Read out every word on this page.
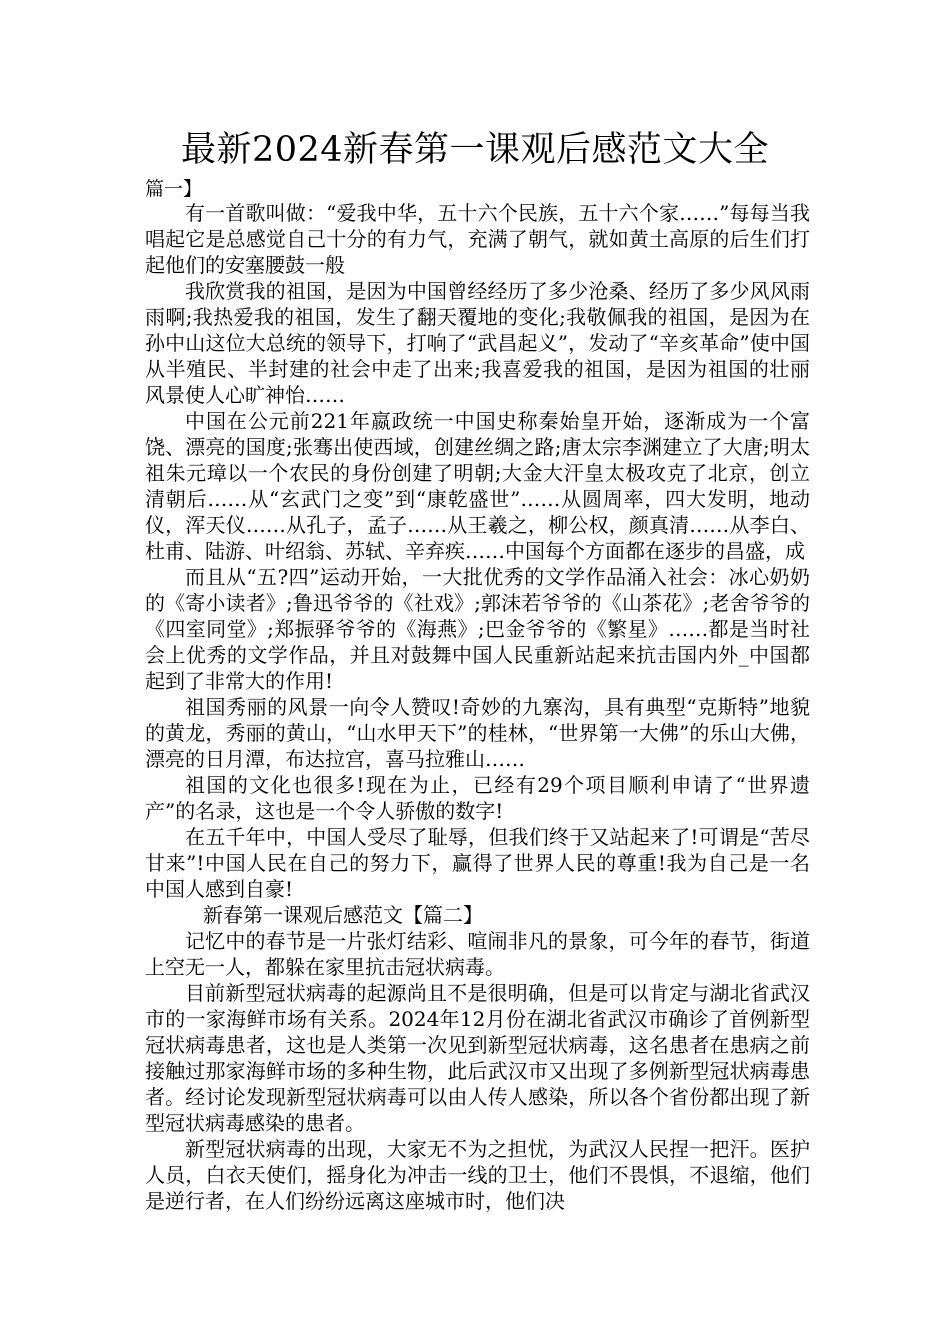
最新2024新春第一课观后感范文大全
篇一】

有一首歌叫做：“爱我中华，五十六个民族，五十六个家……”每每当我唱起它是总感觉自己十分的有力气，充满了朝气，就如黄土高原的后生们打起他们的安塞腰鼓一般

我欣赏我的祖国，是因为中国曾经经历了多少沧桑、经历了多少风风雨雨啊;我热爱我的祖国，发生了翻天覆地的变化;我敬佩我的祖国，是因为在孙中山这位大总统的领导下，打响了“武昌起义”，发动了“辛亥革命”使中国从半殖民、半封建的社会中走了出来;我喜爱我的祖国，是因为祖国的壮丽风景使人心旷神怡……

中国在公元前221年嬴政统一中国史称秦始皇开始，逐渐成为一个富饶、漂亮的国度;张骞出使西域，创建丝绸之路;唐太宗李渊建立了大唐;明太祖朱元璋以一个农民的身份创建了明朝;大金大汗皇太极攻克了北京，创立清朝后……从“玄武门之变”到“康乾盛世”……从圆周率，四大发明，地动仪，浑天仪……从孔子，孟子……从王羲之，柳公权，颜真清……从李白、杜甫、陆游、叶绍翁、苏轼、辛弃疾……中国每个方面都在逐步的昌盛，成

而且从“五?四”运动开始，一大批优秀的文学作品涌入社会：冰心奶奶的《寄小读者》;鲁迅爷爷的《社戏》;郭沫若爷爷的《山茶花》;老舍爷爷的《四室同堂》;郑振驿爷爷的《海燕》;巴金爷爷的《繁星》……都是当时社会上优秀的文学作品，并且对鼓舞中国人民重新站起来抗击国内外_中国都起到了非常大的作用!

祖国秀丽的风景一向令人赞叹!奇妙的九寨沟，具有典型“克斯特”地貌的黄龙，秀丽的黄山，“山水甲天下”的桂林，“世界第一大佛”的乐山大佛，漂亮的日月潭，布达拉宫，喜马拉雅山……

祖国的文化也很多!现在为止，已经有29个项目顺利申请了“世界遗产”的名录，这也是一个令人骄傲的数字!

在五千年中，中国人受尽了耻辱，但我们终于又站起来了!可谓是“苦尽甘来”!中国人民在自己的努力下，赢得了世界人民的尊重!我为自己是一名中国人感到自豪!

新春第一课观后感范文【篇二】

记忆中的春节是一片张灯结彩、喧闹非凡的景象，可今年的春节，街道上空无一人，都躲在家里抗击冠状病毒。

目前新型冠状病毒的起源尚且不是很明确，但是可以肯定与湖北省武汉市的一家海鲜市场有关系。2024年12月份在湖北省武汉市确诊了首例新型冠状病毒患者，这也是人类第一次见到新型冠状病毒，这名患者在患病之前接触过那家海鲜市场的多种生物，此后武汉市又出现了多例新型冠状病毒患者。经讨论发现新型冠状病毒可以由人传人感染，所以各个省份都出现了新型冠状病毒感染的患者。

新型冠状病毒的出现，大家无不为之担忧，为武汉人民捏一把汗。医护人员，白衣天使们，摇身化为冲击一线的卫士，他们不畏惧，不退缩，他们是逆行者，在人们纷纷远离这座城市时，他们决
